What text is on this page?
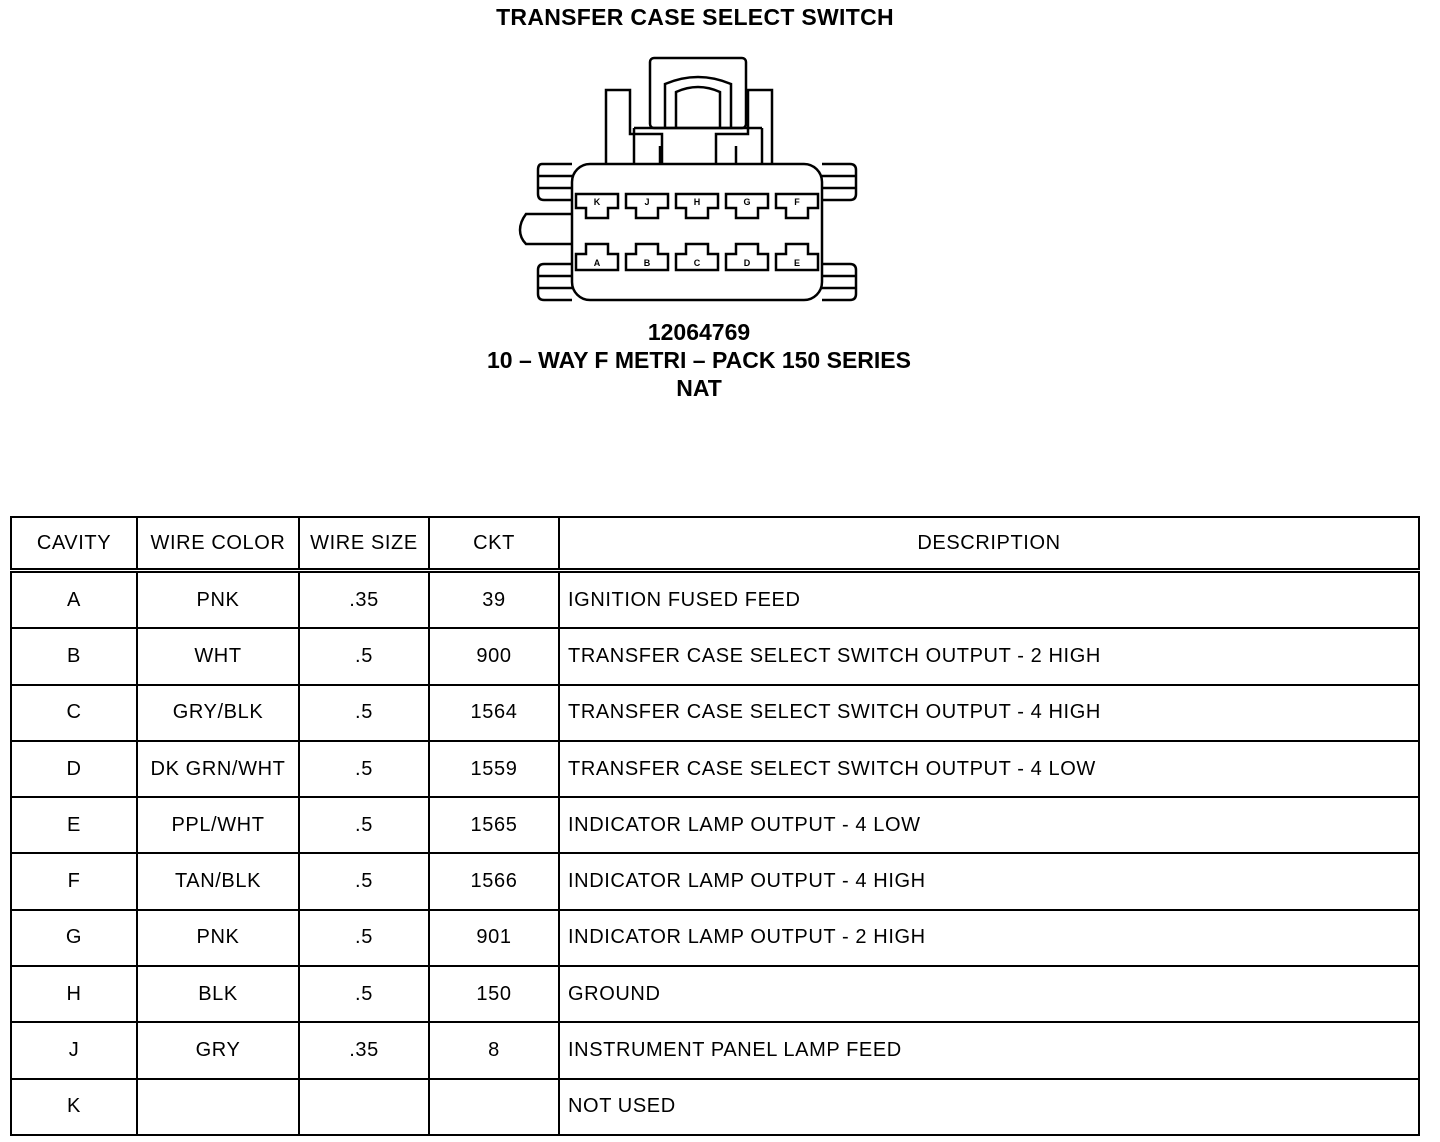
TRANSFER CASE SELECT SWITCH
K	J	H	G	F
A	B	C	D	E
12064769
10 – WAY F METRI – PACK 150 SERIES
NAT
CAVITY	WIRE COLOR	WIRE SIZE	CKT	DESCRIPTION
A	PNK	.35	39	IGNITION FUSED FEED
B	WHT	.5	900	TRANSFER CASE SELECT SWITCH OUTPUT - 2 HIGH
C	GRY/BLK	.5	1564	TRANSFER CASE SELECT SWITCH OUTPUT - 4 HIGH
D	DK GRN/WHT	.5	1559	TRANSFER CASE SELECT SWITCH OUTPUT - 4 LOW
E	PPL/WHT	.5	1565	INDICATOR LAMP OUTPUT - 4 LOW
F	TAN/BLK	.5	1566	INDICATOR LAMP OUTPUT - 4 HIGH
G	PNK	.5	901	INDICATOR LAMP OUTPUT - 2 HIGH
H	BLK	.5	150	GROUND
J	GRY	.35	8	INSTRUMENT PANEL LAMP FEED
K				NOT USED
